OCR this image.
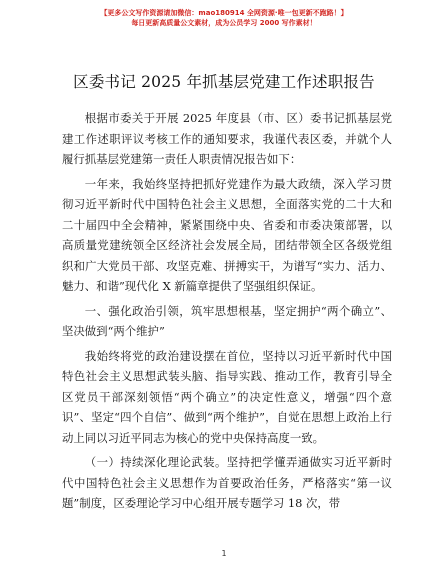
【更多公文写作资源请加微信：mao180914 全网资源·唯一包更新不跑路！】
每日更新高质量公文素材，成为公员学习 2000 写作素材！
区委书记 2025 年抓基层党建工作述职报告

根据市委关于开展 2025 年度县（市、区）委书记抓基层党建工作述职评议考核工作的通知要求，我谨代表区委，并就个人履行抓基层党建第一责任人职责情况报告如下：

一年来，我始终坚持把抓好党建作为最大政绩，深入学习贯彻习近平新时代中国特色社会主义思想，全面落实党的二十大和二十届四中全会精神，紧紧围绕中央、省委和市委决策部署，以高质量党建统领全区经济社会发展全局，团结带领全区各级党组织和广大党员干部、攻坚克难、拼搏实干，为谱写“实力、活力、魅力、和谐”现代化 X 新篇章提供了坚强组织保证。

一、强化政治引领，筑牢思想根基，坚定拥护“两个确立”、坚决做到“两个维护”

我始终将党的政治建设摆在首位，坚持以习近平新时代中国特色社会主义思想武装头脑、指导实践、推动工作，教育引导全区党员干部深刻领悟“两个确立”的决定性意义，增强“四个意识”、坚定“四个自信”、做到“两个维护”，自觉在思想上政治上行动上同以习近平同志为核心的党中央保持高度一致。

（一）持续深化理论武装。坚持把学懂弄通做实习近平新时代中国特色社会主义思想作为首要政治任务，严格落实“第一议题”制度，区委理论学习中心组开展专题学习 18 次，带

1
